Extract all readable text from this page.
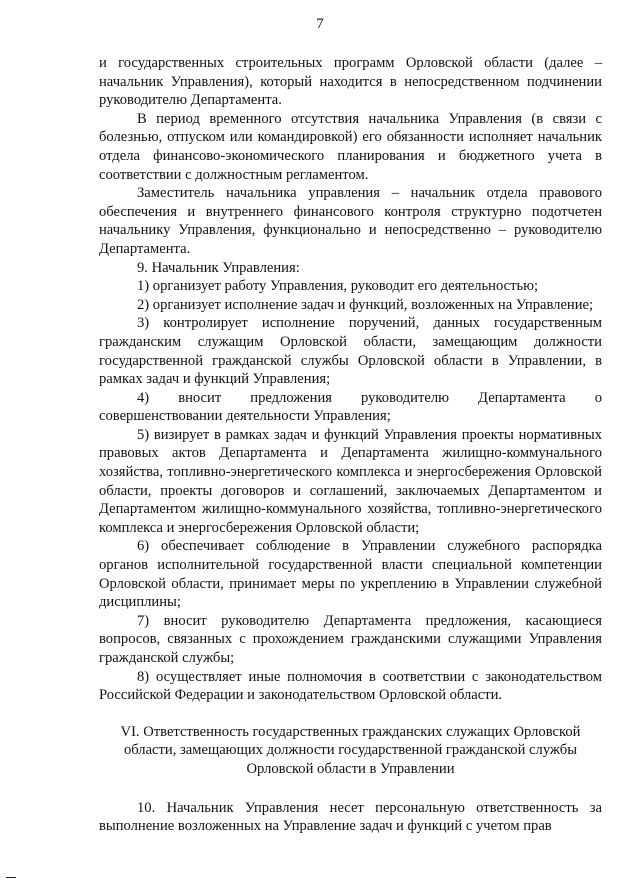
7

и государственных строительных программ Орловской области (далее – начальник Управления), который находится в непосредственном подчинении руководителю Департамента.

В период временного отсутствия начальника Управления (в связи с болезнью, отпуском или командировкой) его обязанности исполняет начальник отдела финансово-экономического планирования и бюджетного учета в соответствии с должностным регламентом.

Заместитель начальника управления – начальник отдела правового обеспечения и внутреннего финансового контроля структурно подотчетен начальнику Управления, функционально и непосредственно – руководителю Департамента.

9. Начальник Управления:

1) организует работу Управления, руководит его деятельностью;

2) организует исполнение задач и функций, возложенных на Управление;

3) контролирует исполнение поручений, данных государственным гражданским служащим Орловской области, замещающим должности государственной гражданской службы Орловской области в Управлении, в рамках задач и функций Управления;

4) вносит предложения руководителю Департамента о совершенствовании деятельности Управления;

5) визирует в рамках задач и функций Управления проекты нормативных правовых актов Департамента и Департамента жилищно-коммунального хозяйства, топливно-энергетического комплекса и энергосбережения Орловской области, проекты договоров и соглашений, заключаемых Департаментом и Департаментом жилищно-коммунального хозяйства, топливно-энергетического комплекса и энергосбережения Орловской области;

6) обеспечивает соблюдение в Управлении служебного распорядка органов исполнительной государственной власти специальной компетенции Орловской области, принимает меры по укреплению в Управлении служебной дисциплины;

7) вносит руководителю Департамента предложения, касающиеся вопросов, связанных с прохождением гражданскими служащими Управления гражданской службы;

8) осуществляет иные полномочия в соответствии с законодательством Российской Федерации и законодательством Орловской области.

VI. Ответственность государственных гражданских служащих Орловской области, замещающих должности государственной гражданской службы Орловской области в Управлении

10. Начальник Управления несет персональную ответственность за выполнение возложенных на Управление задач и функций с учетом прав
